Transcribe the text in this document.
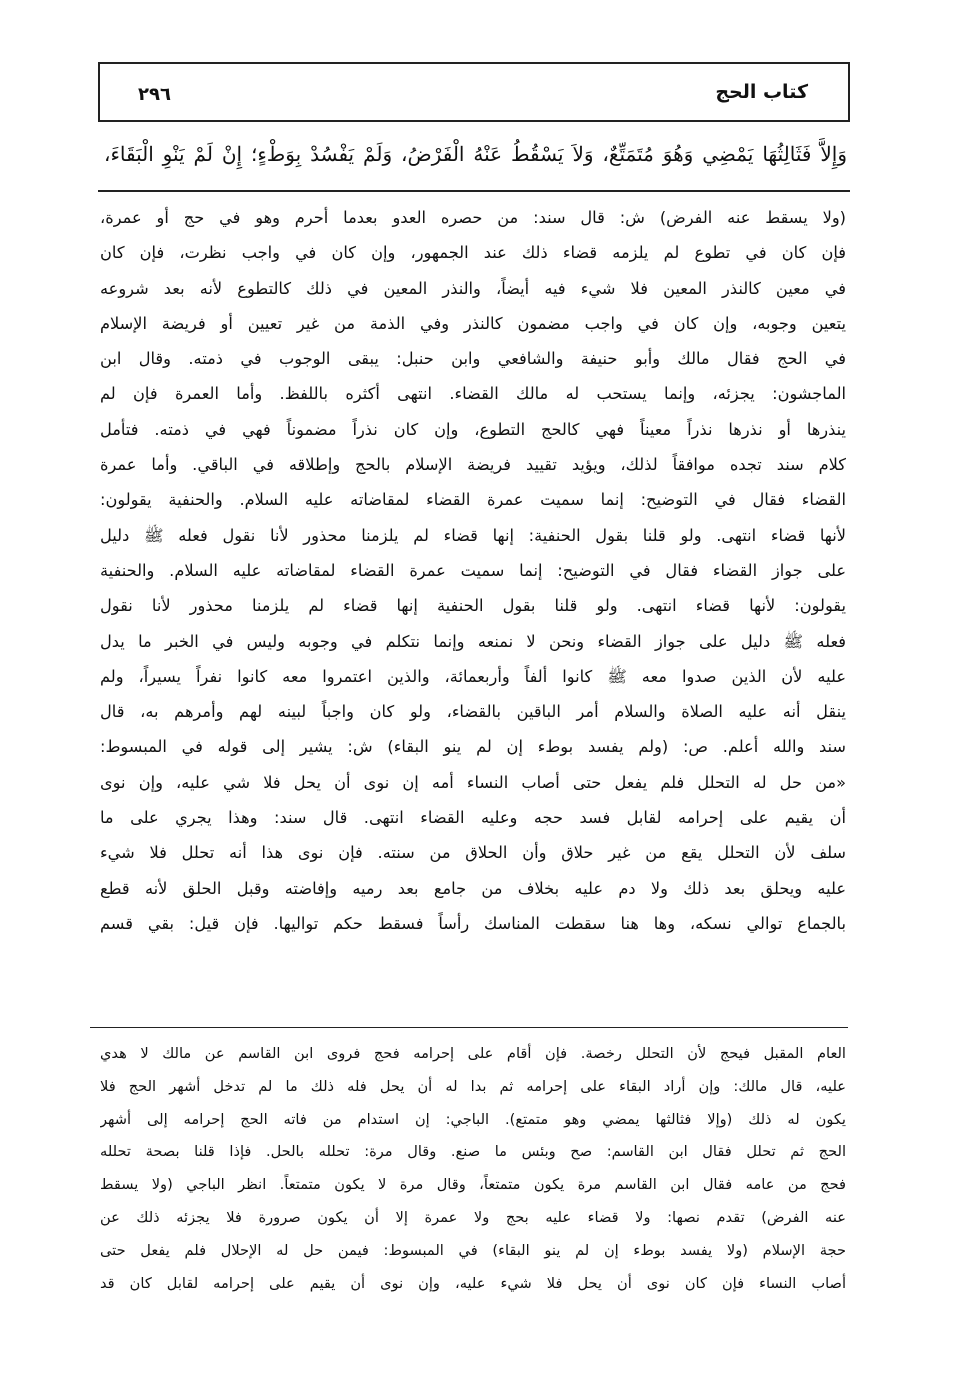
كتاب الحج
٢٩٦
وَإِلاَّ فَثَالِثُهَا يَمْضِي وَهُوَ مُتَمَتِّعٌ، وَلاَ يَسْقُطُ عَنْهُ الْفَرْضُ، وَلَمْ يَفْسُدْ بِوَطْءٍ؛ إِنْ لَمْ يَنْوِ الْبَقَاءَ،
(ولا يسقط عنه الفرض) ش: قال سند: من حصره العدو بعدما أحرم وهو في حج أو عمرة،
فإن كان في تطوع لم يلزمه قضاء ذلك عند الجمهور، وإن كان في واجب نظرت، فإن كان
في معين كالنذر المعين فلا شيء فيه أيضاً، والنذر المعين في ذلك كالتطوع لأنه بعد شروعه
يتعين وجوبه، وإن كان في واجب مضمون كالنذر وفي الذمة من غير تعيين أو فريضة الإسلام
في الحج فقال مالك وأبو حنيفة والشافعي وابن حنبل: يبقى الوجوب في ذمته. وقال ابن
الماجشون: يجزئه، وإنما يستحب له مالك القضاء. انتهى أكثره باللفظ. وأما العمرة فإن لم
ينذرها أو نذرها نذراً معيناً فهي كالحج التطوع، وإن كان نذراً مضموناً فهي في ذمته. فتأمل
كلام سند تجده موافقاً لذلك، ويؤيد تقييد فريضة الإسلام بالحج وإطلاقه في الباقي. وأما عمرة
القضاء فقال في التوضيح: إنما سميت عمرة القضاء لمقاضاته عليه السلام. والحنفية يقولون:
لأنها قضاء انتهى. ولو قلنا بقول الحنفية: إنها قضاء لم يلزمنا محذور لأنا نقول فعله ﷺ دليل
على جواز القضاء فقال في التوضيح: إنما سميت عمرة القضاء لمقاضاته عليه السلام. والحنفية
يقولون: لأنها قضاء انتهى. ولو قلنا بقول الحنفية إنها قضاء لم يلزمنا محذور لأنا نقول
فعله ﷺ دليل على جواز القضاء ونحن لا نمنعه وإنما نتكلم في وجوبه وليس في الخبر ما يدل
عليه لأن الذين صدوا معه ﷺ كانوا ألفاً وأربعمائة، والذين اعتمروا معه كانوا نفراً يسيراً، ولم
ينقل أنه عليه الصلاة والسلام أمر الباقين بالقضاء، ولو كان واجباً لبينه لهم وأمرهم به، قال
سند والله أعلم. ص: (ولم يفسد بوطء إن لم ينو البقاء) ش: يشير إلى قوله في المبسوط:
«من حل له التحلل فلم يفعل حتى أصاب النساء أمه إن نوى أن يحل فلا شي عليه، وإن نوى
أن يقيم على إحرامه لقابل فسد حجه وعليه القضاء انتهى. قال سند: وهذا يجري على ما
سلف لأن التحلل يقع من غير حلاق وأن الحلاق من سنته. فإن نوى هذا أنه تحلل فلا شيء
عليه ويحلق بعد ذلك ولا دم عليه بخلاف من جامع بعد رميه وإفاضته وقبل الحلق لأنه قطع
بالجماع توالي نسكه، وها هنا سقطت المناسك رأساً فسقط حكم تواليها. فإن قيل: بقي قسم
العام المقبل فيحج لأن التحلل رخصة. فإن أقام على إحرامه فحج فروى ابن القاسم عن مالك لا هدي
عليه، قال مالك: وإن أراد البقاء على إحرامه ثم بدا له أن يحل فله ذلك ما لم تدخل أشهر الحج فلا
يكون له ذلك (وإلا فثالثها يمضي وهو متمتع). الباجي: إن استدام من فاته الحج إحرامه إلى أشهر
الحج ثم تحلل فقال ابن القاسم: صح وبئس ما صنع. وقال مرة: تحلله بالحل. فإذا قلنا بصحة تحلله
فحج من عامه فقال ابن القاسم مرة يكون متمتعاً، وقال مرة لا يكون متمتعاً. انظر الباجي (ولا يسقط
عنه الفرض) تقدم نصها: ولا قضاء عليه بحج ولا عمرة إلا أن يكون صرورة فلا يجزئه ذلك عن
حجة الإسلام (ولا يفسد بوطء إن لم ينو البقاء) في المبسوط: فيمن حل له الإحلال فلم يفعل حتى
أصاب النساء فإن كان نوى أن يحل فلا شيء عليه، وإن نوى أن يقيم على إحرامه لقابل كان قد
